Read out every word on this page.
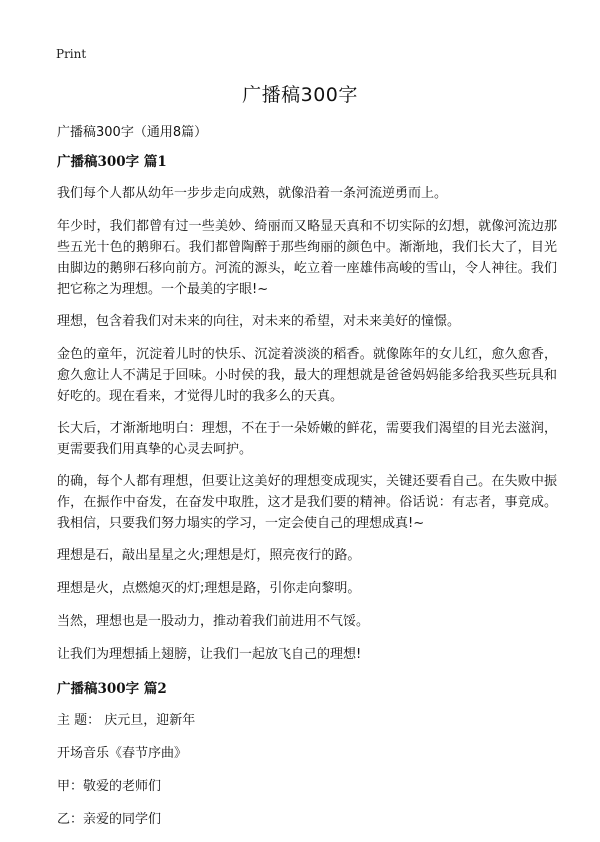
Print
广播稿300字

广播稿300字（通用8篇）

广播稿300字 篇1

我们每个人都从幼年一步步走向成熟，就像沿着一条河流逆勇而上。

年少时，我们都曾有过一些美妙、绮丽而又略显天真和不切实际的幻想，就像河流边那些五光十色的鹅卵石。我们都曾陶醉于那些绚丽的颜色中。渐渐地，我们长大了，目光由脚边的鹅卵石移向前方。河流的源头，屹立着一座雄伟高峻的雪山，令人神往。我们把它称之为理想。一个最美的字眼!~

理想，包含着我们对未来的向往，对未来的希望，对未来美好的憧憬。

金色的童年，沉淀着儿时的快乐、沉淀着淡淡的稻香。就像陈年的女儿红，愈久愈香，愈久愈让人不满足于回味。小时侯的我，最大的理想就是爸爸妈妈能多给我买些玩具和好吃的。现在看来，才觉得儿时的我多么的天真。

长大后，才渐渐地明白：理想，不在于一朵娇嫩的鲜花，需要我们渴望的目光去滋润，更需要我们用真挚的心灵去呵护。

的确，每个人都有理想，但要让这美好的理想变成现实，关键还要看自己。在失败中振作，在振作中奋发，在奋发中取胜，这才是我们要的精神。俗话说：有志者，事竟成。我相信，只要我们努力塌实的学习，一定会使自己的理想成真!~

理想是石，敲出星星之火;理想是灯，照亮夜行的路。

理想是火，点燃熄灭的灯;理想是路，引你走向黎明。

当然，理想也是一股动力，推动着我们前进用不气馁。

让我们为理想插上翅膀，让我们一起放飞自己的理想!

广播稿300字 篇2

主 题： 庆元旦，迎新年

开场音乐《春节序曲》

甲：敬爱的老师们

乙：亲爱的同学们
